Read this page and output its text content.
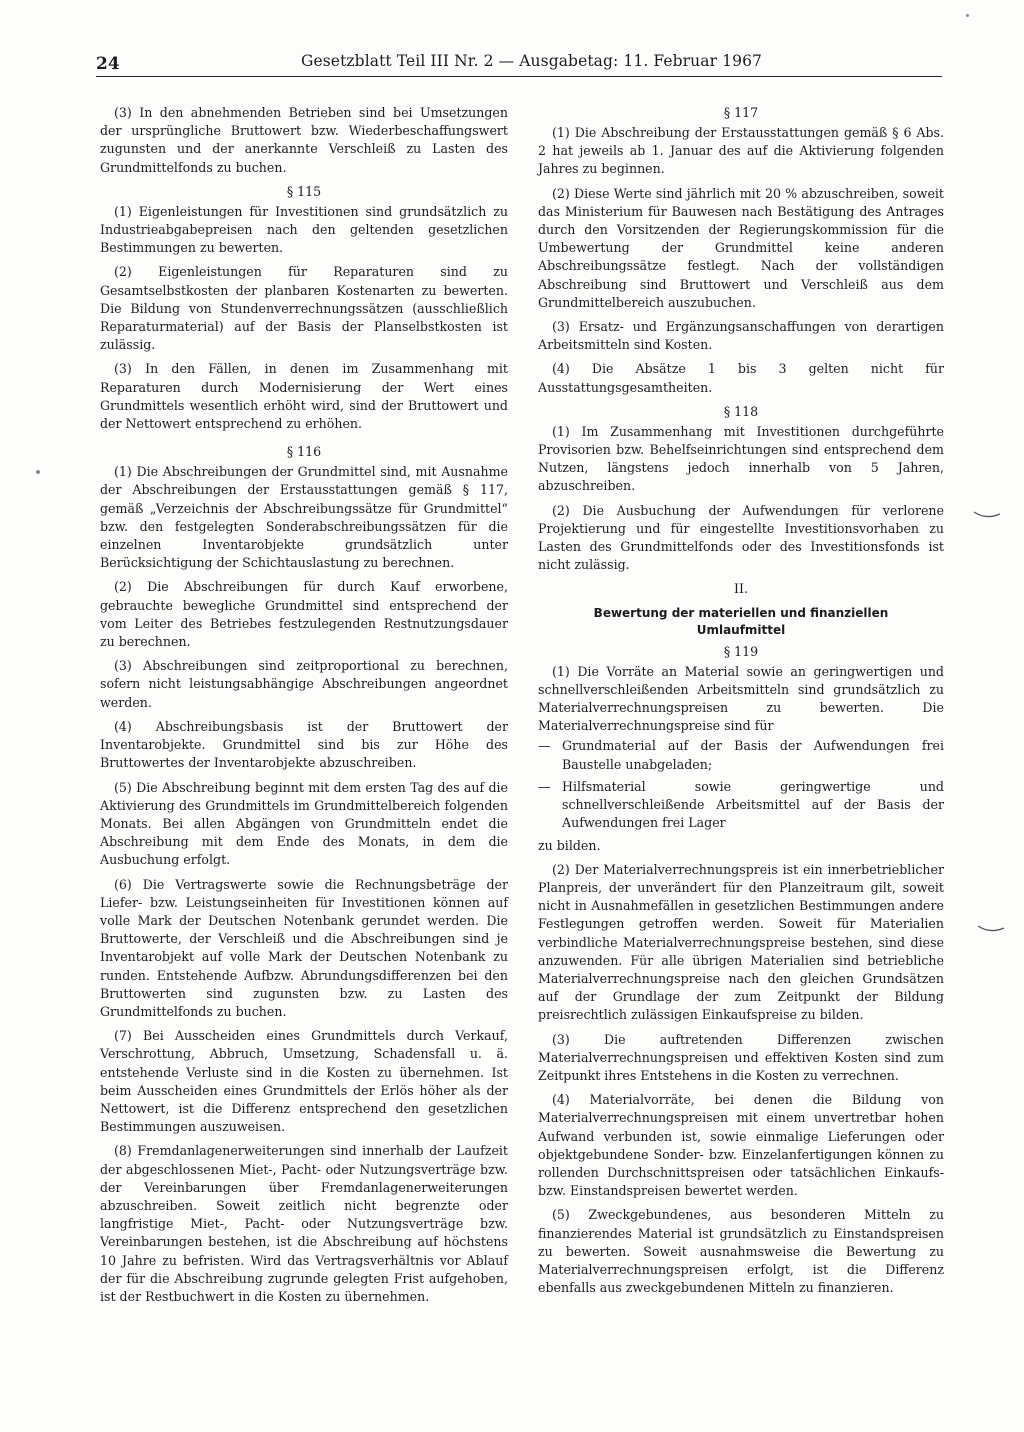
24	Gesetzblatt Teil III Nr. 2 — Ausgabetag: 11. Februar 1967

(3) In den abnehmenden Betrieben sind bei Umsetzungen der ursprüngliche Bruttowert bzw. Wiederbeschaffungswert zugunsten und der anerkannte Verschleiß zu Lasten des Grundmittelfonds zu buchen.

§ 115

(1) Eigenleistungen für Investitionen sind grundsätzlich zu Industrieabgabepreisen nach den geltenden gesetzlichen Bestimmungen zu bewerten.

(2) Eigenleistungen für Reparaturen sind zu Gesamtselbstkosten der planbaren Kostenarten zu bewerten. Die Bildung von Stundenverrechnungssätzen (ausschließlich Reparaturmaterial) auf der Basis der Planselbstkosten ist zulässig.

(3) In den Fällen, in denen im Zusammenhang mit Reparaturen durch Modernisierung der Wert eines Grundmittels wesentlich erhöht wird, sind der Bruttowert und der Nettowert entsprechend zu erhöhen.

§ 116

(1) Die Abschreibungen der Grundmittel sind, mit Ausnahme der Abschreibungen der Erstausstattungen gemäß § 117, gemäß „Verzeichnis der Abschreibungssätze für Grundmittel“ bzw. den festgelegten Sonderabschreibungssätzen für die einzelnen Inventarobjekte grundsätzlich unter Berücksichtigung der Schichtauslastung zu berechnen.

(2) Die Abschreibungen für durch Kauf erworbene, gebrauchte bewegliche Grundmittel sind entsprechend der vom Leiter des Betriebes festzulegenden Restnutzungsdauer zu berechnen.

(3) Abschreibungen sind zeitproportional zu berechnen, sofern nicht leistungsabhängige Abschreibungen angeordnet werden.

(4) Abschreibungsbasis ist der Bruttowert der Inventarobjekte. Grundmittel sind bis zur Höhe des Bruttowertes der Inventarobjekte abzuschreiben.

(5) Die Abschreibung beginnt mit dem ersten Tag des auf die Aktivierung des Grundmittels im Grundmittelbereich folgenden Monats. Bei allen Abgängen von Grundmitteln endet die Abschreibung mit dem Ende des Monats, in dem die Ausbuchung erfolgt.

(6) Die Vertragswerte sowie die Rechnungsbeträge der Liefer- bzw. Leistungseinheiten für Investitionen können auf volle Mark der Deutschen Notenbank gerundet werden. Die Bruttowerte, der Verschleiß und die Abschreibungen sind je Inventarobjekt auf volle Mark der Deutschen Notenbank zu runden. Entstehende Aufbzw. Abrundungsdifferenzen bei den Bruttowerten sind zugunsten bzw. zu Lasten des Grundmittelfonds zu buchen.

(7) Bei Ausscheiden eines Grundmittels durch Verkauf, Verschrottung, Abbruch, Umsetzung, Schadensfall u. ä. entstehende Verluste sind in die Kosten zu übernehmen. Ist beim Ausscheiden eines Grundmittels der Erlös höher als der Nettowert, ist die Differenz entsprechend den gesetzlichen Bestimmungen auszuweisen.

(8) Fremdanlagenerweiterungen sind innerhalb der Laufzeit der abgeschlossenen Miet-, Pacht- oder Nutzungsverträge bzw. der Vereinbarungen über Fremdanlagenerweiterungen abzuschreiben. Soweit zeitlich nicht begrenzte oder langfristige Miet-, Pacht- oder Nutzungsverträge bzw. Vereinbarungen bestehen, ist die Abschreibung auf höchstens 10 Jahre zu befristen. Wird das Vertragsverhältnis vor Ablauf der für die Abschreibung zugrunde gelegten Frist aufgehoben, ist der Restbuchwert in die Kosten zu übernehmen.

§ 117

(1) Die Abschreibung der Erstausstattungen gemäß § 6 Abs. 2 hat jeweils ab 1. Januar des auf die Aktivierung folgenden Jahres zu beginnen.

(2) Diese Werte sind jährlich mit 20 % abzuschreiben, soweit das Ministerium für Bauwesen nach Bestätigung des Antrages durch den Vorsitzenden der Regierungskommission für die Umbewertung der Grundmittel keine anderen Abschreibungssätze festlegt. Nach der vollständigen Abschreibung sind Bruttowert und Verschleiß aus dem Grundmittelbereich auszubuchen.

(3) Ersatz- und Ergänzungsanschaffungen von derartigen Arbeitsmitteln sind Kosten.

(4) Die Absätze 1 bis 3 gelten nicht für Ausstattungsgesamtheiten.

§ 118

(1) Im Zusammenhang mit Investitionen durchgeführte Provisorien bzw. Behelfseinrichtungen sind entsprechend dem Nutzen, längstens jedoch innerhalb von 5 Jahren, abzuschreiben.

(2) Die Ausbuchung der Aufwendungen für verlorene Projektierung und für eingestellte Investitionsvorhaben zu Lasten des Grundmittelfonds oder des Investitionsfonds ist nicht zulässig.

II.
Bewertung der materiellen und finanziellen
Umlaufmittel
§ 119

(1) Die Vorräte an Material sowie an geringwertigen und schnellverschleißenden Arbeitsmitteln sind grundsätzlich zu Materialverrechnungspreisen zu bewerten. Die Materialverrechnungspreise sind für

— Grundmaterial auf der Basis der Aufwendungen frei Baustelle unabgeladen;
— Hilfsmaterial sowie geringwertige und schnellverschleißende Arbeitsmittel auf der Basis der Aufwendungen frei Lager

zu bilden.

(2) Der Materialverrechnungspreis ist ein innerbetrieblicher Planpreis, der unverändert für den Planzeitraum gilt, soweit nicht in Ausnahmefällen in gesetzlichen Bestimmungen andere Festlegungen getroffen werden. Soweit für Materialien verbindliche Materialverrechnungspreise bestehen, sind diese anzuwenden. Für alle übrigen Materialien sind betriebliche Materialverrechnungspreise nach den gleichen Grundsätzen auf der Grundlage der zum Zeitpunkt der Bildung preisrechtlich zulässigen Einkaufspreise zu bilden.

(3) Die auftretenden Differenzen zwischen Materialverrechnungspreisen und effektiven Kosten sind zum Zeitpunkt ihres Entstehens in die Kosten zu verrechnen.

(4) Materialvorräte, bei denen die Bildung von Materialverrechnungspreisen mit einem unvertretbar hohen Aufwand verbunden ist, sowie einmalige Lieferungen oder objektgebundene Sonder- bzw. Einzelanfertigungen können zu rollenden Durchschnittspreisen oder tatsächlichen Einkaufs- bzw. Einstandspreisen bewertet werden.

(5) Zweckgebundenes, aus besonderen Mitteln zu finanzierendes Material ist grundsätzlich zu Einstandspreisen zu bewerten. Soweit ausnahmsweise die Bewertung zu Materialverrechnungspreisen erfolgt, ist die Differenz ebenfalls aus zweckgebundenen Mitteln zu finanzieren.
